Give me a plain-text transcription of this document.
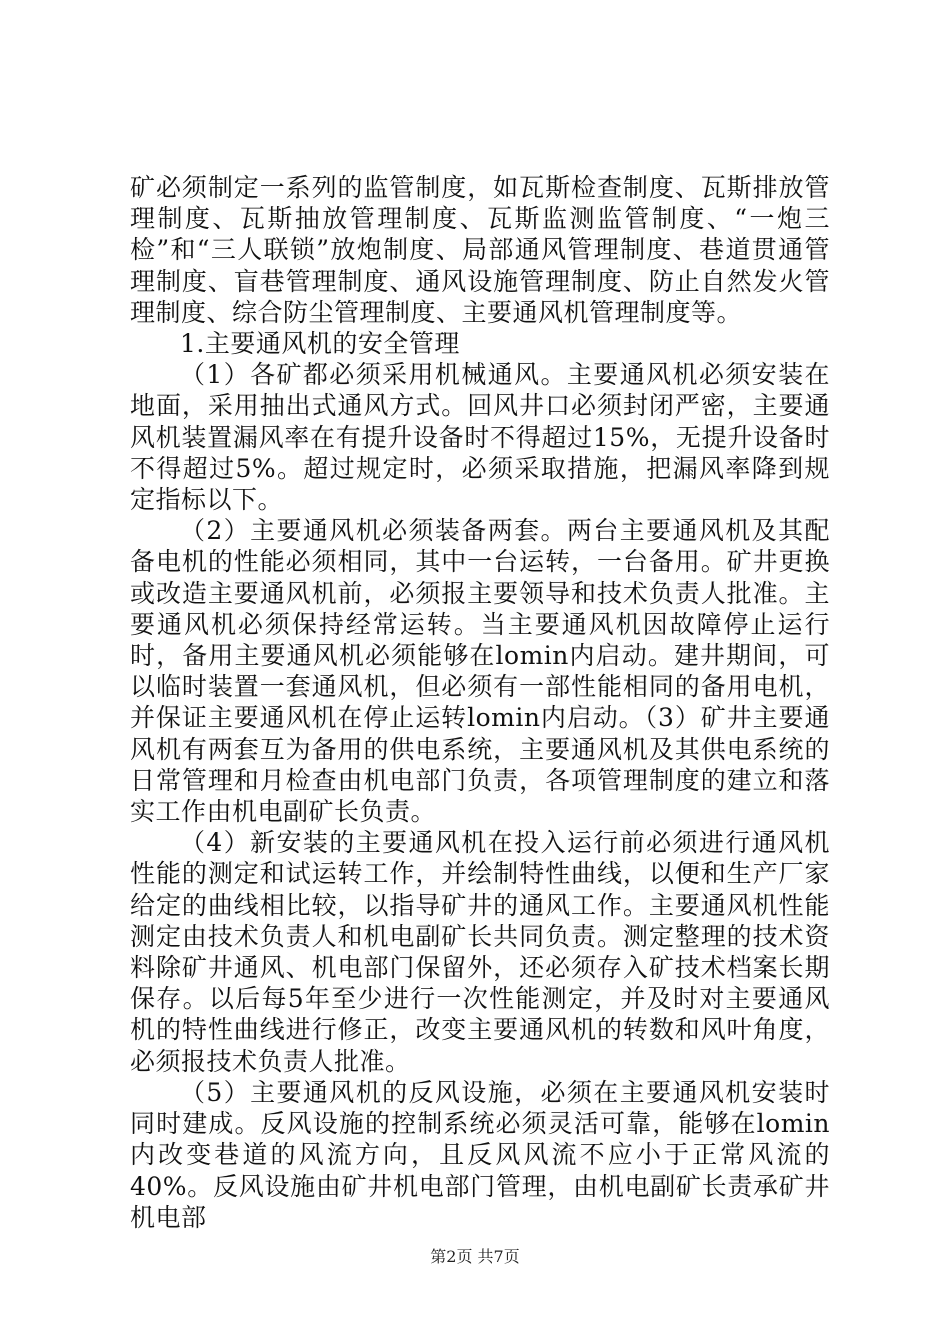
矿必须制定一系列的监管制度，如瓦斯检查制度、瓦斯排放管理制度、瓦斯抽放管理制度、瓦斯监测监管制度、“一炮三检”和“三人联锁”放炮制度、局部通风管理制度、巷道贯通管理制度、盲巷管理制度、通风设施管理制度、防止自然发火管理制度、综合防尘管理制度、主要通风机管理制度等。

1.主要通风机的安全管理

（1）各矿都必须采用机械通风。主要通风机必须安装在地面，采用抽出式通风方式。回风井口必须封闭严密，主要通风机装置漏风率在有提升设备时不得超过15%，无提升设备时不得超过5%。超过规定时，必须采取措施，把漏风率降到规定指标以下。

（2）主要通风机必须装备两套。两台主要通风机及其配备电机的性能必须相同，其中一台运转，一台备用。矿井更换或改造主要通风机前，必须报主要领导和技术负责人批准。主要通风机必须保持经常运转。当主要通风机因故障停止运行时，备用主要通风机必须能够在lomin内启动。建井期间，可以临时装置一套通风机，但必须有一部性能相同的备用电机，并保证主要通风机在停止运转lomin内启动。（3）矿井主要通风机有两套互为备用的供电系统，主要通风机及其供电系统的日常管理和月检查由机电部门负责，各项管理制度的建立和落实工作由机电副矿长负责。

（4）新安装的主要通风机在投入运行前必须进行通风机性能的测定和试运转工作，并绘制特性曲线，以便和生产厂家给定的曲线相比较，以指导矿井的通风工作。主要通风机性能测定由技术负责人和机电副矿长共同负责。测定整理的技术资料除矿井通风、机电部门保留外，还必须存入矿技术档案长期保存。以后每5年至少进行一次性能测定，并及时对主要通风机的特性曲线进行修正，改变主要通风机的转数和风叶角度，必须报技术负责人批准。

（5）主要通风机的反风设施，必须在主要通风机安装时同时建成。反风设施的控制系统必须灵活可靠，能够在lomin内改变巷道的风流方向，且反风风流不应小于正常风流的40%。反风设施由矿井机电部门管理，由机电副矿长责承矿井机电部

第2页 共7页
